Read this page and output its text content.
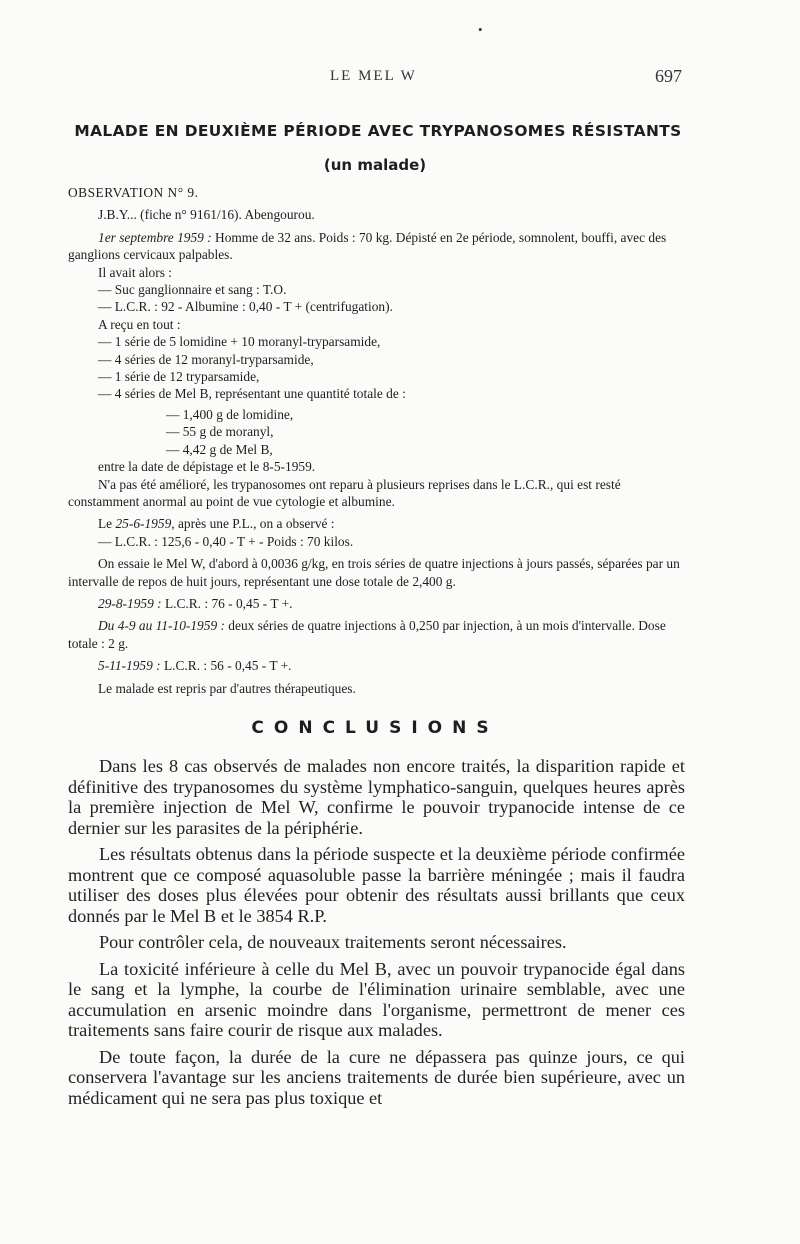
•
LE MEL W	697
MALADE EN DEUXIÈME PÉRIODE AVEC TRYPANOSOMES RÉSISTANTS
(un malade)

OBSERVATION N° 9.

J.B.Y... (fiche n° 9161/16). Abengourou.

1er septembre 1959 : Homme de 32 ans. Poids : 70 kg. Dépisté en 2e période, somnolent, bouffi, avec des ganglions cervicaux palpables.

Il avait alors :

— Suc ganglionnaire et sang : T.O.

— L.C.R. : 92 - Albumine : 0,40 - T + (centrifugation).

A reçu en tout :

— 1 série de 5 lomidine + 10 moranyl-tryparsamide,

— 4 séries de 12 moranyl-tryparsamide,

— 1 série de 12 tryparsamide,

— 4 séries de Mel B, représentant une quantité totale de :

— 1,400 g de lomidine,

— 55 g de moranyl,

— 4,42 g de Mel B,

entre la date de dépistage et le 8-5-1959.

N'a pas été amélioré, les trypanosomes ont reparu à plusieurs reprises dans le L.C.R., qui est resté constamment anormal au point de vue cytologie et albumine.

Le 25-6-1959, après une P.L., on a observé :

— L.C.R. : 125,6 - 0,40 - T + - Poids : 70 kilos.

On essaie le Mel W, d'abord à 0,0036 g/kg, en trois séries de quatre injections à jours passés, séparées par un intervalle de repos de huit jours, représentant une dose totale de 2,400 g.

29-8-1959 : L.C.R. : 76 - 0,45 - T +.

Du 4-9 au 11-10-1959 : deux séries de quatre injections à 0,250 par injection, à un mois d'intervalle. Dose totale : 2 g.

5-11-1959 : L.C.R. : 56 - 0,45 - T +.

Le malade est repris par d'autres thérapeutiques.

CONCLUSIONS

Dans les 8 cas observés de malades non encore traités, la disparition rapide et définitive des trypanosomes du système lymphatico-sanguin, quelques heures après la première injection de Mel W, confirme le pouvoir trypanocide intense de ce dernier sur les parasites de la périphérie.

Les résultats obtenus dans la période suspecte et la deuxième période confirmée montrent que ce composé aquasoluble passe la barrière méningée ; mais il faudra utiliser des doses plus élevées pour obtenir des résultats aussi brillants que ceux donnés par le Mel B et le 3854 R.P.

Pour contrôler cela, de nouveaux traitements seront nécessaires.

La toxicité inférieure à celle du Mel B, avec un pouvoir trypanocide égal dans le sang et la lymphe, la courbe de l'élimination urinaire semblable, avec une accumulation en arsenic moindre dans l'organisme, permettront de mener ces traitements sans faire courir de risque aux malades.

De toute façon, la durée de la cure ne dépassera pas quinze jours, ce qui conservera l'avantage sur les anciens traitements de durée bien supérieure, avec un médicament qui ne sera pas plus toxique et
